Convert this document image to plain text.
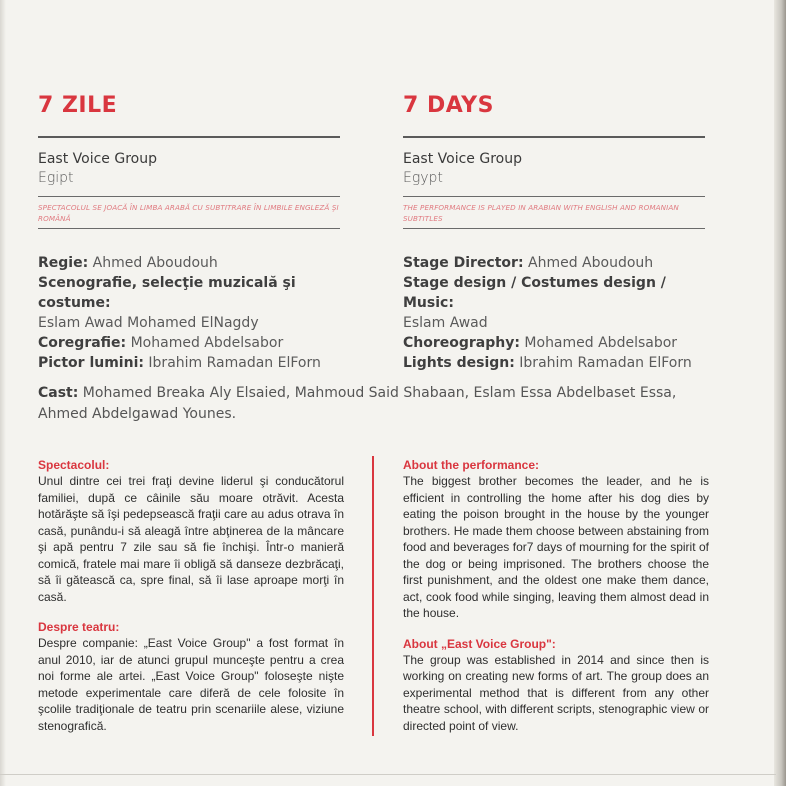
7 ZILE
East Voice Group
Egipt
SPECTACOLUL SE JOACĂ ÎN LIMBA ARABĂ CU SUBTITRARE ÎN LIMBILE ENGLEZĂ ŞI ROMÂNĂ
Regie: Ahmed Aboudouh
Scenografie, selecţie muzicală şi costume:
Eslam Awad Mohamed ElNagdy
Coregrafie: Mohamed Abdelsabor
Pictor lumini: Ibrahim Ramadan ElForn
7 DAYS
East Voice Group
Egypt
THE PERFORMANCE IS PLAYED IN ARABIAN WITH ENGLISH AND ROMANIAN SUBTITLES
Stage Director: Ahmed Aboudouh
Stage design / Costumes design / Music:
Eslam Awad
Choreography: Mohamed Abdelsabor
Lights design: Ibrahim Ramadan ElForn
Cast: Mohamed Breaka Aly Elsaied, Mahmoud Said Shabaan, Eslam Essa Abdelbaset Essa, Ahmed Abdelgawad Younes.
Spectacolul:

Unul dintre cei trei fraţi devine liderul şi conducătorul familiei, după ce câinile său moare otrăvit. Acesta hotărăşte să îşi pedepsească fraţii care au adus otrava în casă, punându-i să aleagă între abţinerea de la mâncare şi apă pentru 7 zile sau să fie închişi. Într-o manieră comică, fratele mai mare îi obligă să danseze dezbrăcaţi, să îi gătească ca, spre final, să îi lase aproape morţi în casă.

Despre teatru:

Despre companie: „East Voice Group" a fost format în anul 2010, iar de atunci grupul munceşte pentru a crea noi forme ale artei. „East Voice Group" foloseşte nişte metode experimentale care diferă de cele folosite în şcolile tradiţionale de teatru prin scenariile alese, viziune stenografică.

About the performance:

The biggest brother becomes the leader, and he is efficient in controlling the home after his dog dies by eating the poison brought in the house by the younger brothers. He made them choose between abstaining from food and beverages for7 days of mourning for the spirit of the dog or being imprisoned. The brothers choose the first punishment, and the oldest one make them dance, act, cook food while singing, leaving them almost dead in the house.

About „East Voice Group":

The group was established in 2014 and since then is working on creating new forms of art. The group does an experimental method that is different from any other theatre school, with different scripts, stenographic view or directed point of view.
